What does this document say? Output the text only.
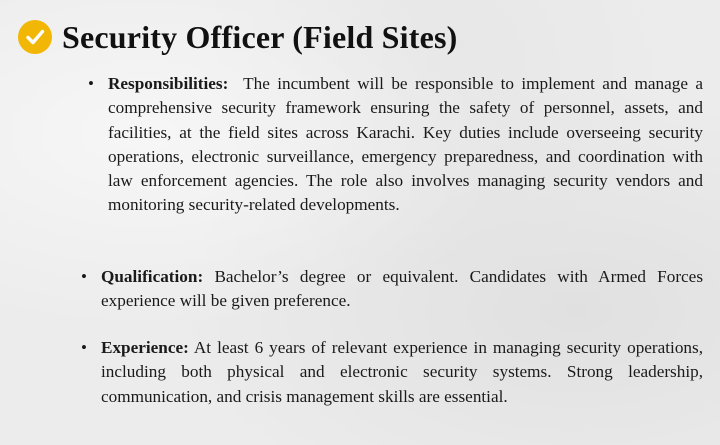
Security Officer (Field Sites)
• Responsibilities: The incumbent will be responsible to implement and manage a comprehensive security framework ensuring the safety of personnel, assets, and facilities, at the field sites across Karachi. Key duties include overseeing security operations, electronic surveillance, emergency preparedness, and coordination with law enforcement agencies. The role also involves managing security vendors and monitoring security-related developments.
• Qualification: Bachelor’s degree or equivalent. Candidates with Armed Forces experience will be given preference.
• Experience: At least 6 years of relevant experience in managing security operations, including both physical and electronic security systems. Strong leadership, communication, and crisis management skills are essential.
